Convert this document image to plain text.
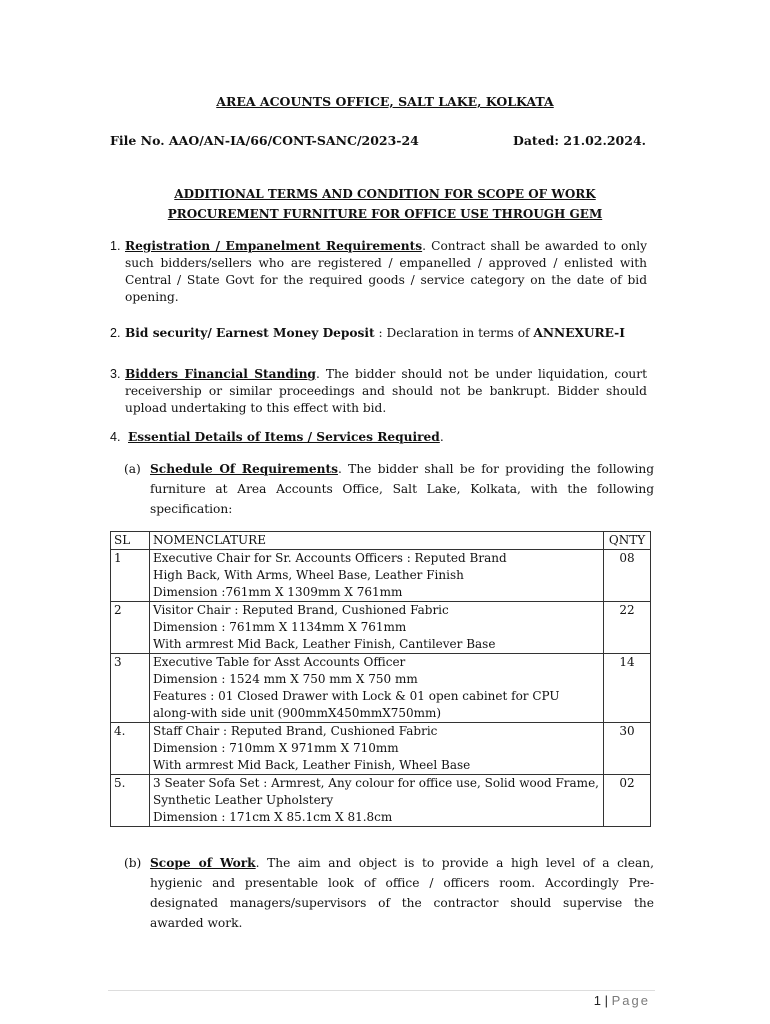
AREA ACOUNTS OFFICE, SALT LAKE, KOLKATA
File No. AAO/AN-IA/66/CONT-SANC/2023-24	Dated: 21.02.2024.
ADDITIONAL TERMS AND CONDITION FOR SCOPE OF WORK
PROCUREMENT FURNITURE FOR OFFICE USE THROUGH GEM
1. Registration / Empanelment Requirements. Contract shall be awarded to only such bidders/sellers who are registered / empanelled / approved / enlisted with Central / State Govt for the required goods / service category on the date of bid opening.
2. Bid security/ Earnest Money Deposit : Declaration in terms of ANNEXURE-I
3. Bidders Financial Standing. The bidder should not be under liquidation, court receivership or similar proceedings and should not be bankrupt. Bidder should upload undertaking to this effect with bid.
4. Essential Details of Items / Services Required.
(a) Schedule Of Requirements. The bidder shall be for providing the following furniture at Area Accounts Office, Salt Lake, Kolkata, with the following specification:
SL	NOMENCLATURE	QNTY
1	Executive Chair for Sr. Accounts Officers : Reputed Brand
High Back, With Arms, Wheel Base, Leather Finish
Dimension :761mm X 1309mm X 761mm	08
2	Visitor Chair : Reputed Brand, Cushioned Fabric
Dimension : 761mm X 1134mm X 761mm
With armrest Mid Back, Leather Finish, Cantilever Base	22
3	Executive Table for Asst Accounts Officer
Dimension : 1524 mm X 750 mm X 750 mm
Features : 01 Closed Drawer with Lock & 01 open cabinet for CPU along-with side unit (900mmX450mmX750mm)	14
4.	Staff Chair : Reputed Brand, Cushioned Fabric
Dimension : 710mm X 971mm X 710mm
With armrest Mid Back, Leather Finish, Wheel Base	30
5.	3 Seater Sofa Set : Armrest, Any colour for office use, Solid wood Frame, Synthetic Leather Upholstery
Dimension : 171cm X 85.1cm X 81.8cm	02
(b) Scope of Work. The aim and object is to provide a high level of a clean, hygienic and presentable look of office / officers room. Accordingly Pre-designated managers/supervisors of the contractor should supervise the awarded work.
1 | Page
